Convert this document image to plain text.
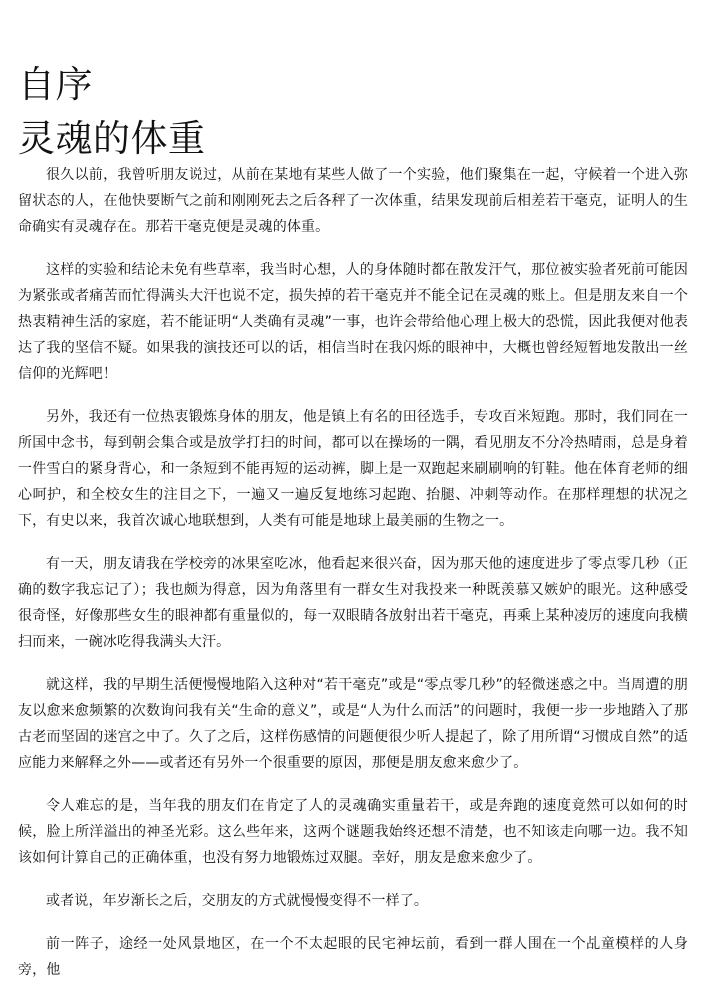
自序
灵魂的体重

很久以前，我曾听朋友说过，从前在某地有某些人做了一个实验，他们聚集在一起，守候着一个进入弥留状态的人，在他快要断气之前和刚刚死去之后各秤了一次体重，结果发现前后相差若干毫克，证明人的生命确实有灵魂存在。那若干毫克便是灵魂的体重。

这样的实验和结论未免有些草率，我当时心想，人的身体随时都在散发汗气，那位被实验者死前可能因为紧张或者痛苦而忙得满头大汗也说不定，损失掉的若干毫克并不能全记在灵魂的账上。但是朋友来自一个热衷精神生活的家庭，若不能证明“人类确有灵魂”一事，也许会带给他心理上极大的恐慌，因此我便对他表达了我的坚信不疑。如果我的演技还可以的话，相信当时在我闪烁的眼神中，大概也曾经短暂地发散出一丝信仰的光辉吧！

另外，我还有一位热衷锻炼身体的朋友，他是镇上有名的田径选手，专攻百米短跑。那时，我们同在一所国中念书，每到朝会集合或是放学打扫的时间，都可以在操场的一隅，看见朋友不分冷热晴雨，总是身着一件雪白的紧身背心，和一条短到不能再短的运动裤，脚上是一双跑起来刷刷响的钉鞋。他在体育老师的细心呵护，和全校女生的注目之下，一遍又一遍反复地练习起跑、抬腿、冲刺等动作。在那样理想的状况之下，有史以来，我首次诚心地联想到，人类有可能是地球上最美丽的生物之一。

有一天，朋友请我在学校旁的冰果室吃冰，他看起来很兴奋，因为那天他的速度进步了零点零几秒（正确的数字我忘记了）；我也颇为得意，因为角落里有一群女生对我投来一种既羡慕又嫉妒的眼光。这种感受很奇怪，好像那些女生的眼神都有重量似的，每一双眼睛各放射出若干毫克，再乘上某种凌厉的速度向我横扫而来，一碗冰吃得我满头大汗。

就这样，我的早期生活便慢慢地陷入这种对“若干毫克”或是“零点零几秒”的轻微迷惑之中。当周遭的朋友以愈来愈频繁的次数询问我有关“生命的意义”，或是“人为什么而活”的问题时，我便一步一步地踏入了那古老而坚固的迷宫之中了。久了之后，这样伤感情的问题便很少听人提起了，除了用所谓“习惯成自然”的适应能力来解释之外——或者还有另外一个很重要的原因，那便是朋友愈来愈少了。

令人难忘的是，当年我的朋友们在肯定了人的灵魂确实重量若干，或是奔跑的速度竟然可以如何的时候，脸上所洋溢出的神圣光彩。这么些年来，这两个谜题我始终还想不清楚，也不知该走向哪一边。我不知该如何计算自己的正确体重，也没有努力地锻炼过双腿。幸好，朋友是愈来愈少了。

或者说，年岁渐长之后，交朋友的方式就慢慢变得不一样了。

前一阵子，途经一处风景地区，在一个不太起眼的民宅神坛前，看到一群人围在一个乩童模样的人身旁，他
